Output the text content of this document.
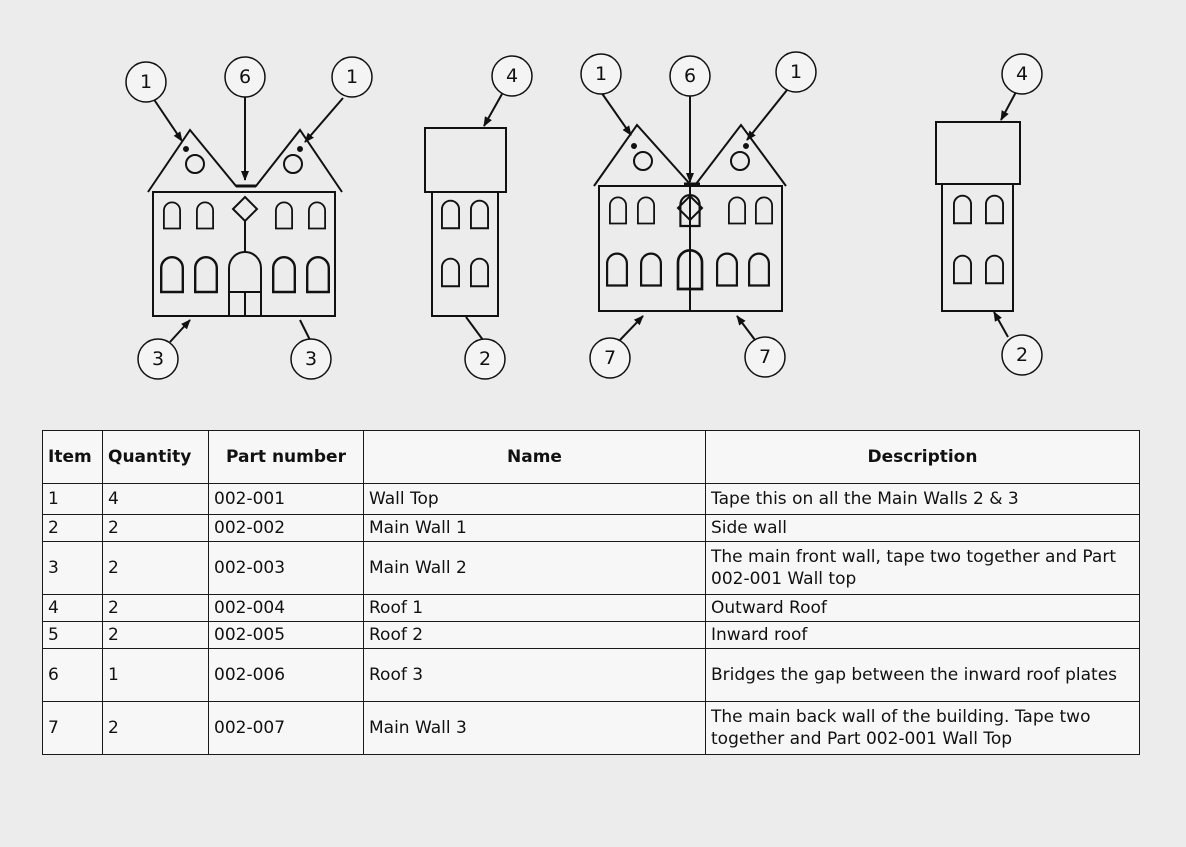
1	6	1
3	3
4
2
1	6	1
7	7
4
2
Item	Quantity	Part number	Name	Description
1	4	002-001	Wall Top	Tape this on all the Main Walls 2 & 3
2	2	002-002	Main Wall 1	Side wall
3	2	002-003	Main Wall 2	The main front wall, tape two together and Part 002-001 Wall top
4	2	002-004	Roof 1	Outward Roof
5	2	002-005	Roof 2	Inward roof
6	1	002-006	Roof 3	Bridges the gap between the inward roof plates
7	2	002-007	Main Wall 3	The main back wall of the building. Tape two together and Part 002-001 Wall Top
